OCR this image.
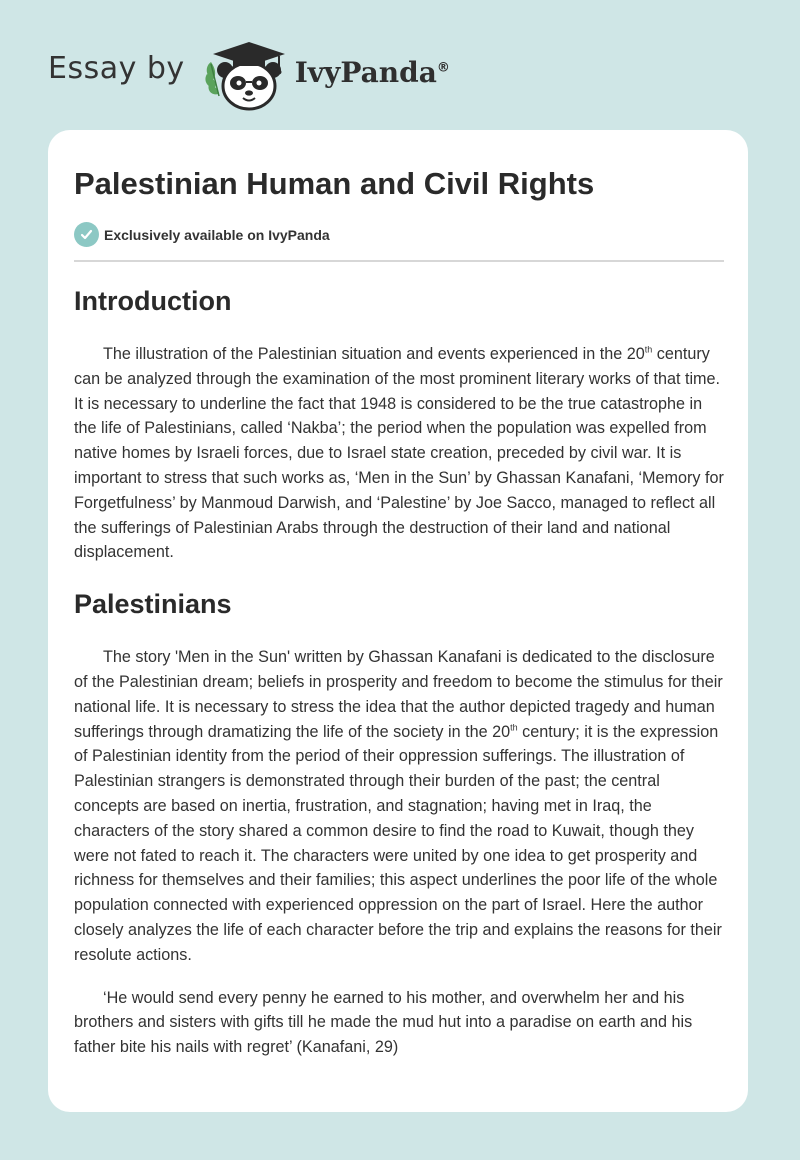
Essay by	IvyPanda®
Palestinian Human and Civil Rights
Exclusively available on IvyPanda
Introduction

The illustration of the Palestinian situation and events experienced in the 20th century can be analyzed through the examination of the most prominent literary works of that time. It is necessary to underline the fact that 1948 is considered to be the true catastrophe in the life of Palestinians, called ‘Nakba’; the period when the population was expelled from native homes by Israeli forces, due to Israel state creation, preceded by civil war. It is important to stress that such works as, ‘Men in the Sun’ by Ghassan Kanafani, ‘Memory for Forgetfulness’ by Manmoud Darwish, and ‘Palestine’ by Joe Sacco, managed to reflect all the sufferings of Palestinian Arabs through the destruction of their land and national displacement.

Palestinians

The story 'Men in the Sun' written by Ghassan Kanafani is dedicated to the disclosure of the Palestinian dream; beliefs in prosperity and freedom to become the stimulus for their national life. It is necessary to stress the idea that the author depicted tragedy and human sufferings through dramatizing the life of the society in the 20th century; it is the expression of Palestinian identity from the period of their oppression sufferings. The illustration of Palestinian strangers is demonstrated through their burden of the past; the central concepts are based on inertia, frustration, and stagnation; having met in Iraq, the characters of the story shared a common desire to find the road to Kuwait, though they were not fated to reach it. The characters were united by one idea to get prosperity and richness for themselves and their families; this aspect underlines the poor life of the whole population connected with experienced oppression on the part of Israel. Here the author closely analyzes the life of each character before the trip and explains the reasons for their resolute actions.

‘He would send every penny he earned to his mother, and overwhelm her and his brothers and sisters with gifts till he made the mud hut into a paradise on earth and his father bite his nails with regret’ (Kanafani, 29)
